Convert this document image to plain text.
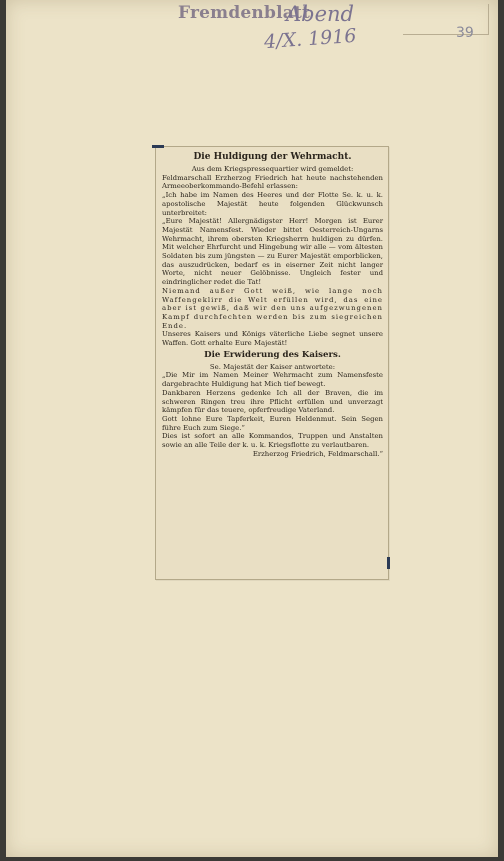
Fremdenblatt
Abend
4/X. 1916	39
Die Huldigung der Wehrmacht.

Aus dem Kriegspressequartier wird gemeldet:

Feldmarschall Erzherzog Friedrich hat heute nachstehenden Armeeoberkommando-Befehl erlassen:

„Ich habe im Namen des Heeres und der Flotte Se. k. u. k. apostolische Majestät heute folgenden Glückwunsch unterbreitet:

„Eure Majestät! Allergnädigster Herr! Morgen ist Eurer Majestät Namensfest. Wieder bittet Oesterreich-Ungarns Wehrmacht, ihrem obersten Kriegsherrn huldigen zu dürfen. Mit welcher Ehrfurcht und Hingebung wir alle — vom ältesten Soldaten bis zum jüngsten — zu Eurer Majestät emporblicken, das auszudrücken, bedarf es in eiserner Zeit nicht langer Worte, nicht neuer Gelöbnisse. Ungleich fester und eindringlicher redet die Tat!

Niemand außer Gott weiß, wie lange noch Waffengeklirr die Welt erfüllen wird, das eine aber ist gewiß, daß wir den uns aufgezwungenen Kampf durchfechten werden bis zum siegreichen Ende.

Unseres Kaisers und Königs väterliche Liebe segnet unsere Waffen. Gott erhalte Eure Majestät!

Die Erwiderung des Kaisers.

Se. Majestät der Kaiser antwortete:

„Die Mir im Namen Meiner Wehrmacht zum Namensfeste dargebrachte Huldigung hat Mich tief bewegt.

Dankbaren Herzens gedenke Ich all der Braven, die im schweren Ringen treu ihre Pflicht erfüllen und unverzagt kämpfen für das teuere, opferfreudige Vaterland.

Gott lohne Eure Tapferkeit, Euren Heldenmut. Sein Segen führe Euch zum Siege.“

Dies ist sofort an alle Kommandos, Truppen und Anstalten sowie an alle Teile der k. u. k. Kriegsflotte zu verlautbaren.

Erzherzog Friedrich, Feldmarschall.“
